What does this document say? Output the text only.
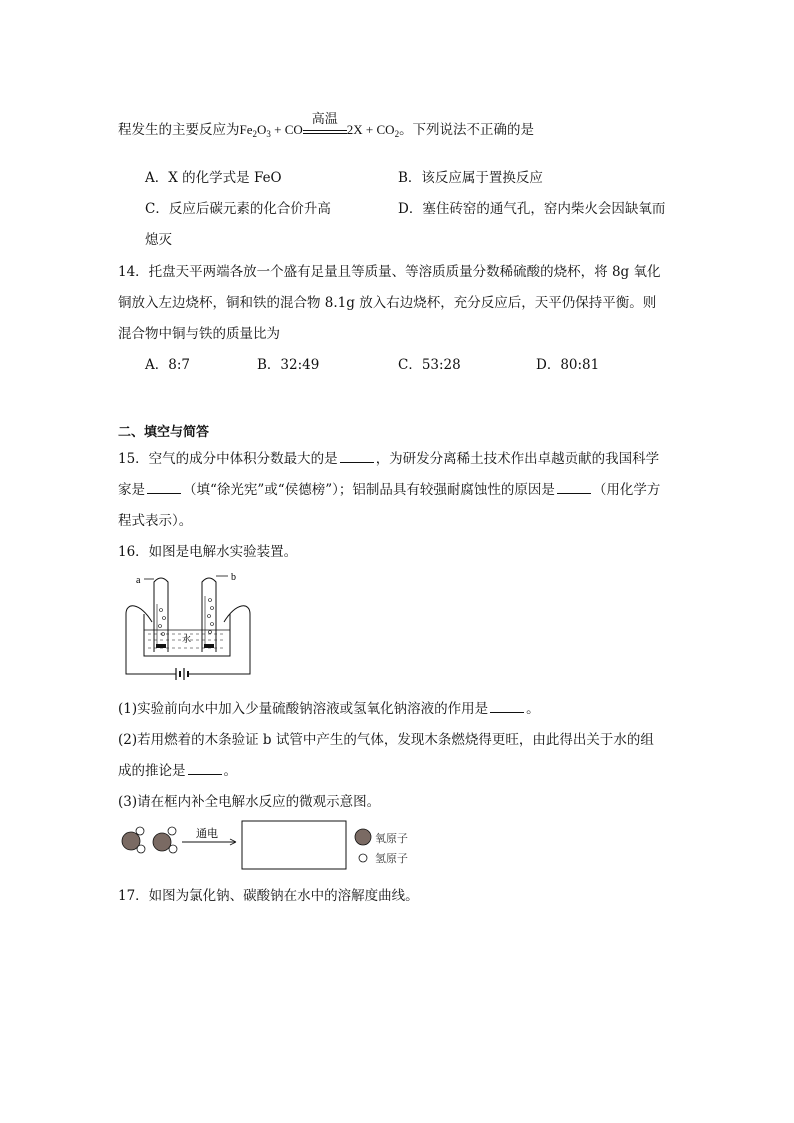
程发生的主要反应为$Fe_2O_3$ + CO
高温
$2X + CO_2$。下列说法不正确的是
A．X 的化学式是 FeO	B．该反应属于置换反应
C．反应后碳元素的化合价升高	D．塞住砖窑的通气孔，窑内柴火会因缺氧而
熄灭
14．托盘天平两端各放一个盛有足量且等质量、等溶质质量分数稀硫酸的烧杯，将 8g 氧化
铜放入左边烧杯，铜和铁的混合物 8.1g 放入右边烧杯，充分反应后，天平仍保持平衡。则
混合物中铜与铁的质量比为
A．8:7	B．32:49	C．53:28	D．80:81
二、填空与简答
15．空气的成分中体积分数最大的是	，为研发分离稀土技术作出卓越贡献的我国科学
家是	（填“徐光宪”或“侯德榜”）；铝制品具有较强耐腐蚀性的原因是	（用化学方
程式表示）。
16．如图是电解水实验装置。
a	b
水
(1)实验前向水中加入少量硫酸钠溶液或氢氧化钠溶液的作用是	。
(2)若用燃着的木条验证 b 试管中产生的气体，发现木条燃烧得更旺，由此得出关于水的组
成的推论是	。
(3)请在框内补全电解水反应的微观示意图。
通电	氧原子
氢原子
17．如图为氯化钠、碳酸钠在水中的溶解度曲线。
